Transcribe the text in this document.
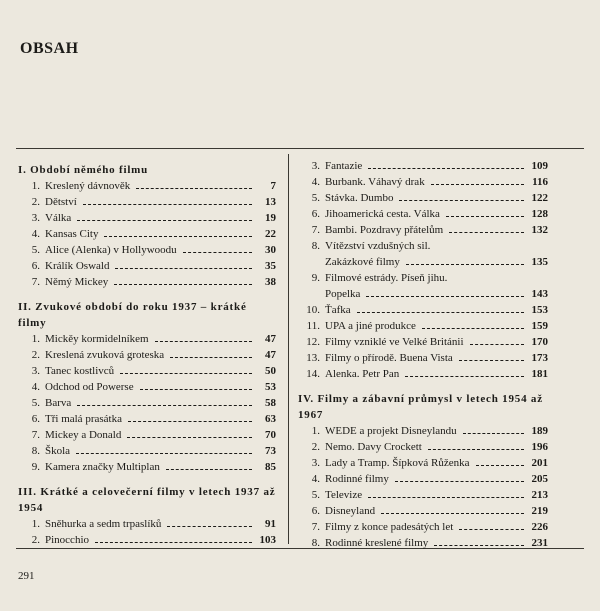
OBSAH
I. Období němého filmu
1. Kreslený dávnověk	7
2. Dětství	13
3. Válka	19
4. Kansas City	22
5. Alice (Alenka) v Hollywoodu	30
6. Králík Oswald	35
7. Němý Mickey	38
II. Zvukové období do roku 1937 – krátké filmy
1. Mickěy kormidelníkem	47
2. Kreslená zvuková groteska	47
3. Tanec kostlivců	50
4. Odchod od Powerse	53
5. Barva	58
6. Tři malá prasátka	63
7. Mickey a Donald	70
8. Škola	73
9. Kamera značky Multiplan	85
III. Krátké a celovečerní filmy v letech 1937 až 1954
1. Sněhurka a sedm trpaslíků	91
2. Pinocchio	103
3. Fantazie	109
4. Burbank. Váhavý drak	116
5. Stávka. Dumbo	122
6. Jihoamerická cesta. Válka	128
7. Bambi. Pozdravy přátelům	132
8. Vítězství vzdušných sil.
Zakázkové filmy	135
9. Filmové estrády. Píseň jihu.
Popelka	143
10. Ťafka	153
11. UPA a jiné produkce	159
12. Filmy vzniklé ve Velké Británii	170
13. Filmy o přírodě. Buena Vista	173
14. Alenka. Petr Pan	181
IV. Filmy a zábavní průmysl v letech 1954 až 1967
1. WEDE a projekt Disneylandu	189
2. Nemo. Davy Crockett	196
3. Lady a Tramp. Šípková Růženka	201
4. Rodinné filmy	205
5. Televize	213
6. Disneyland	219
7. Filmy z konce padesátých let	226
8. Rodinné kreslené filmy	231
291
